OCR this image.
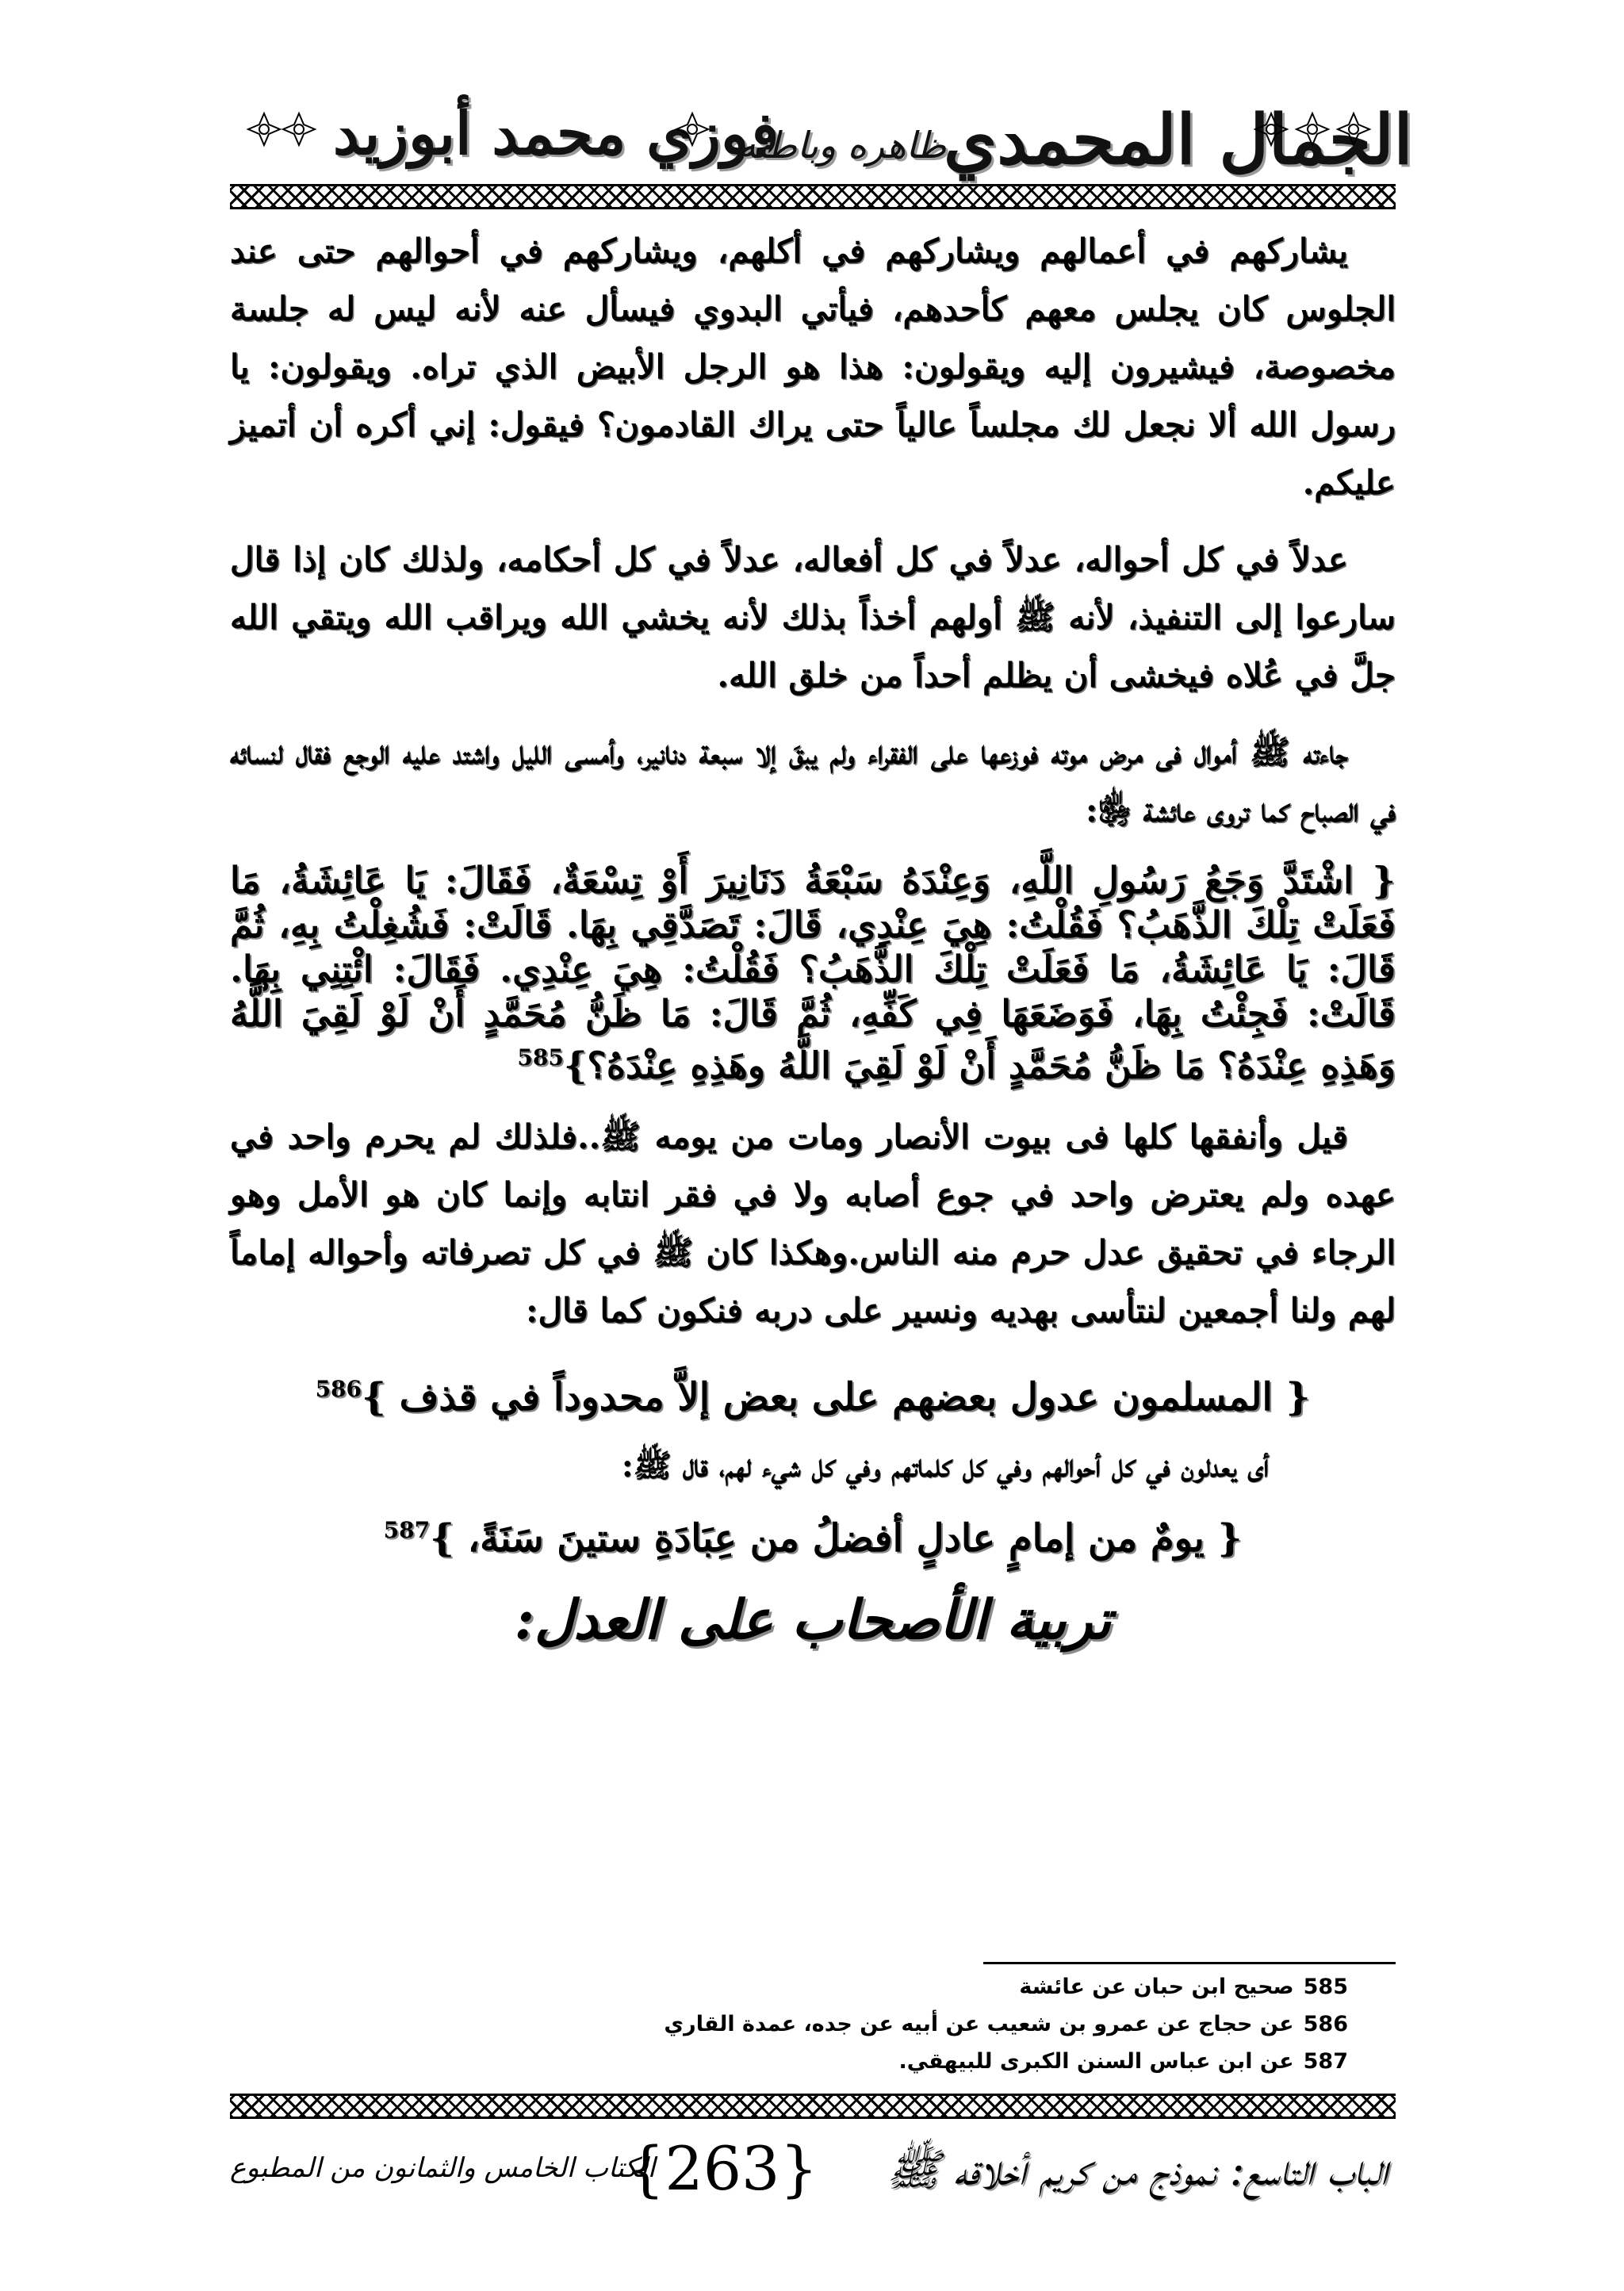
فوزي محمد أبوزيد
ظاهره وباطنه
الجمال المحمدي

يشاركهم في أعمالهم ويشاركهم في أكلهم، ويشاركهم في أحوالهم حتى عند الجلوس كان يجلس معهم كأحدهم، فيأتي البدوي فيسأل عنه لأنه ليس له جلسة مخصوصة، فيشيرون إليه ويقولون: هذا هو الرجل الأبيض الذي تراه. ويقولون: يا رسول الله ألا نجعل لك مجلساً عالياً حتى يراك القادمون؟ فيقول: إني أكره أن أتميز عليكم.

عدلاً في كل أحواله، عدلاً في كل أفعاله، عدلاً في كل أحكامه، ولذلك كان إذا قال سارعوا إلى التنفيذ، لأنه ﷺ أولهم أخذاً بذلك لأنه يخشي الله ويراقب الله ويتقي الله جلَّ في عُلاه فيخشى أن يظلم أحداً من خلق الله.

جاءته ﷺ أموال فى مرض موته فوزعها على الفقراء ولم يبقَ إلا سبعة دنانير، وأمسى الليل واشتد عليه الوجع فقال لنسائه في الصباح كما تروى عائشة ﵂:

{ اشْتَدَّ وَجَعُ رَسُولِ اللَّهِ، وَعِنْدَهُ سَبْعَةُ دَنَانِيرَ أَوْ تِسْعَةٌ، فَقَالَ: يَا عَائِشَةُ، مَا فَعَلَتْ تِلْكَ الذَّهَبُ؟ فَقُلْتُ: هِيَ عِنْدِي، قَالَ: تَصَدَّقِي بِهَا. قَالَتْ: فَشُغِلْتُ بِهِ، ثُمَّ قَالَ: يَا عَائِشَةُ، مَا فَعَلَتْ تِلْكَ الذَّهَبُ؟ فَقُلْتُ: هِيَ عِنْدِي. فَقَالَ: ائْتِنِي بِهَا. قَالَتْ: فَجِئْتُ بِهَا، فَوَضَعَهَا فِي كَفِّهِ، ثُمَّ قَالَ: مَا ظَنُّ مُحَمَّدٍ أَنْ لَوْ لَقِيَ اللَّهُ وَهَذِهِ عِنْدَهُ؟ مَا ظَنُّ مُحَمَّدٍ أَنْ لَوْ لَقِيَ اللَّهُ وهَذِهِ عِنْدَهُ؟}$^{585}$

قيل وأنفقها كلها فى بيوت الأنصار ومات من يومه ﷺ..فلذلك لم يحرم واحد في عهده ولم يعترض واحد في جوع أصابه ولا في فقر انتابه وإنما كان هو الأمل وهو الرجاء في تحقيق عدل حرم منه الناس.وهكذا كان ﷺ في كل تصرفاته وأحواله إماماً لهم ولنا أجمعين لنتأسى بهديه ونسير على دربه فنكون كما قال:

{ المسلمون عدول بعضهم على بعض إلاَّ محدوداً في قذف }$^{586}$

أى يعدلون في كل أحوالهم وفي كل كلماتهم وفي كل شيء لهم، قال ﷺ:

{ يومٌ من إمامٍ عادلٍ أفضلُ من عِبَادَةِ ستينَ سَنَةً، }$^{587}$

تربية الأصحاب على العدل:

585صحيح ابن حبان عن عائشة
586عن حجاج عن عمرو بن شعيب عن أبيه عن جده، عمدة القاري
587عن ابن عباس السنن الكبرى للبيهقي.
الباب التاسع: نموذج من كريم أخلاقه ﷺ
{263}
الكتاب الخامس والثمانون من المطبوع
